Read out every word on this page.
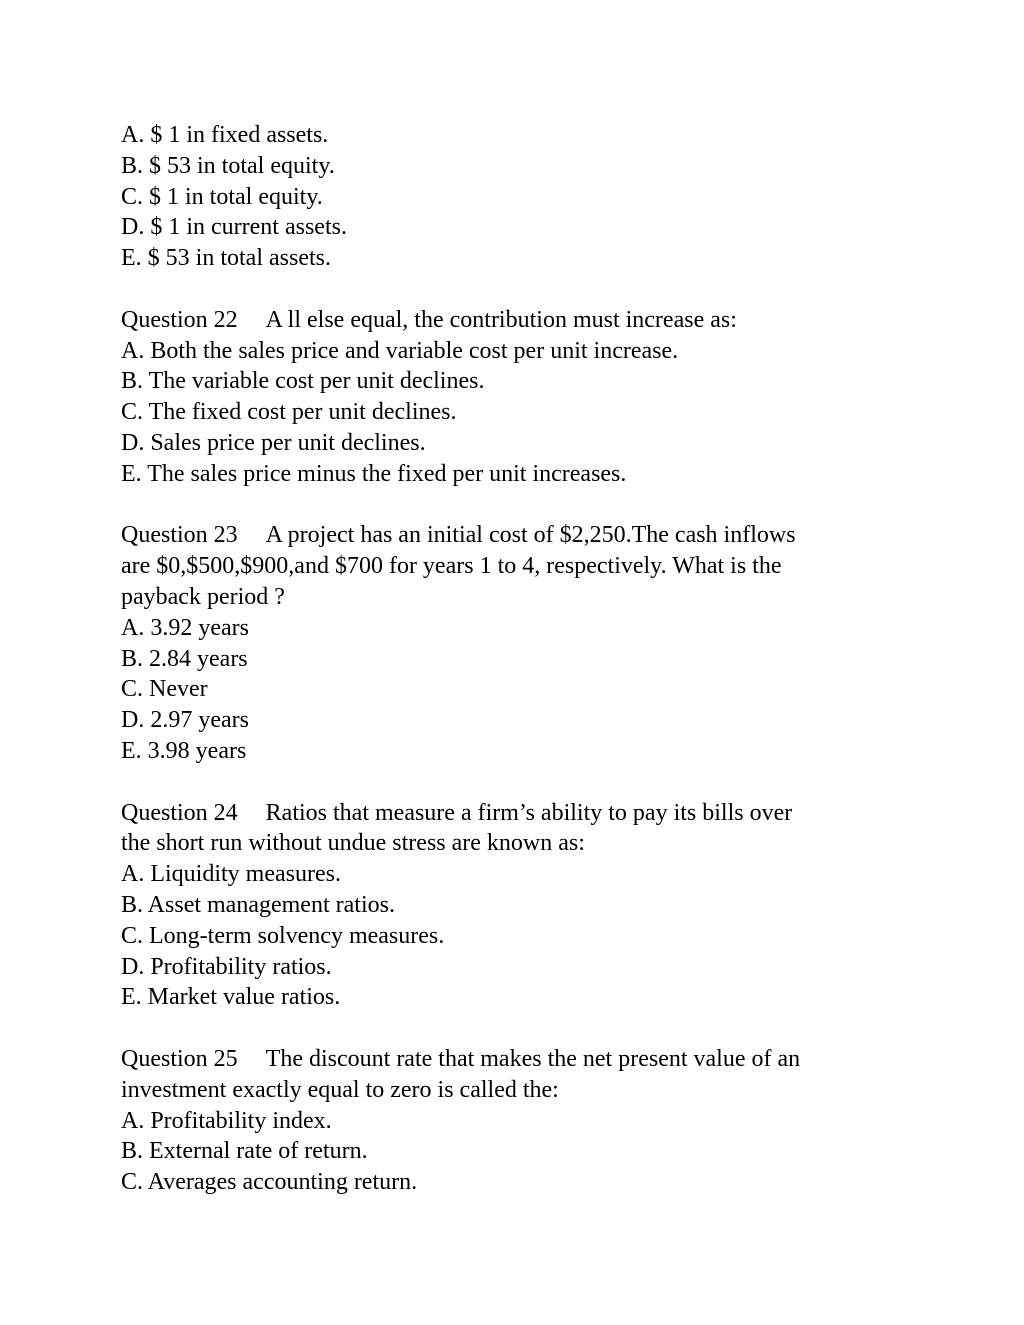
A. $ 1 in fixed assets.
B. $ 53 in total equity.
C. $ 1 in total equity.
D. $ 1 in current assets.
E. $ 53 in total assets.
Question 22 A ll else equal, the contribution must increase as:
A. Both the sales price and variable cost per unit increase.
B. The variable cost per unit declines.
C. The fixed cost per unit declines.
D. Sales price per unit declines.
E. The sales price minus the fixed per unit increases.
Question 23 A project has an initial cost of $2,250.The cash inflows
are $0,$500,$900,and $700 for years 1 to 4, respectively. What is the
payback period ?
A. 3.92 years
B. 2.84 years
C. Never
D. 2.97 years
E. 3.98 years
Question 24 Ratios that measure a firm’s ability to pay its bills over
the short run without undue stress are known as:
A. Liquidity measures.
B. Asset management ratios.
C. Long-term solvency measures.
D. Profitability ratios.
E. Market value ratios.
Question 25 The discount rate that makes the net present value of an
investment exactly equal to zero is called the:
A. Profitability index.
B. External rate of return.
C. Averages accounting return.
